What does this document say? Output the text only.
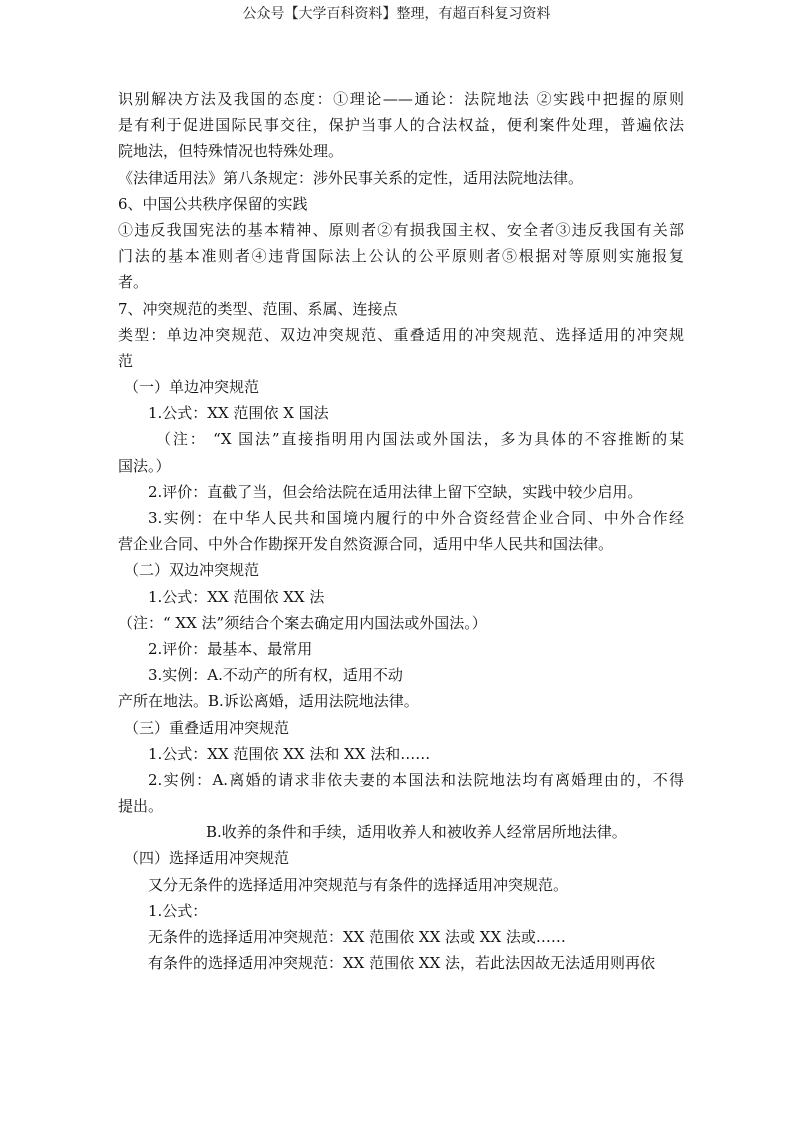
公众号【大学百科资料】整理，有超百科复习资料
识别解决方法及我国的态度：①理论——通论：法院地法 ②实践中把握的原则
是有利于促进国际民事交往，保护当事人的合法权益，便利案件处理，普遍依法
院地法，但特殊情况也特殊处理。
《法律适用法》第八条规定：涉外民事关系的定性，适用法院地法律。
6、中国公共秩序保留的实践
①违反我国宪法的基本精神、原则者②有损我国主权、安全者③违反我国有关部
门法的基本准则者④违背国际法上公认的公平原则者⑤根据对等原则实施报复
者。
7、冲突规范的类型、范围、系属、连接点
类型：单边冲突规范、双边冲突规范、重叠适用的冲突规范、选择适用的冲突规
范
（一）单边冲突规范
1.公式：XX 范围依 X 国法
（注： “X 国法”直接指明用内国法或外国法，多为具体的不容推断的某
国法。）
2.评价：直截了当，但会给法院在适用法律上留下空缺，实践中较少启用。
3.实例：在中华人民共和国境内履行的中外合资经营企业合同、中外合作经
营企业合同、中外合作勘探开发自然资源合同，适用中华人民共和国法律。
（二）双边冲突规范
1.公式：XX 范围依 XX 法
（注：“ XX 法”须结合个案去确定用内国法或外国法。）
2.评价：最基本、最常用
3.实例：A.不动产的所有权，适用不动
产所在地法。B.诉讼离婚，适用法院地法律。
（三）重叠适用冲突规范
1.公式：XX 范围依 XX 法和 XX 法和……
2.实例：A.离婚的请求非依夫妻的本国法和法院地法均有离婚理由的，不得
提出。
B.收养的条件和手续，适用收养人和被收养人经常居所地法律。
（四）选择适用冲突规范
又分无条件的选择适用冲突规范与有条件的选择适用冲突规范。
1.公式：
无条件的选择适用冲突规范：XX 范围依 XX 法或 XX 法或……
有条件的选择适用冲突规范：XX 范围依 XX 法，若此法因故无法适用则再依
